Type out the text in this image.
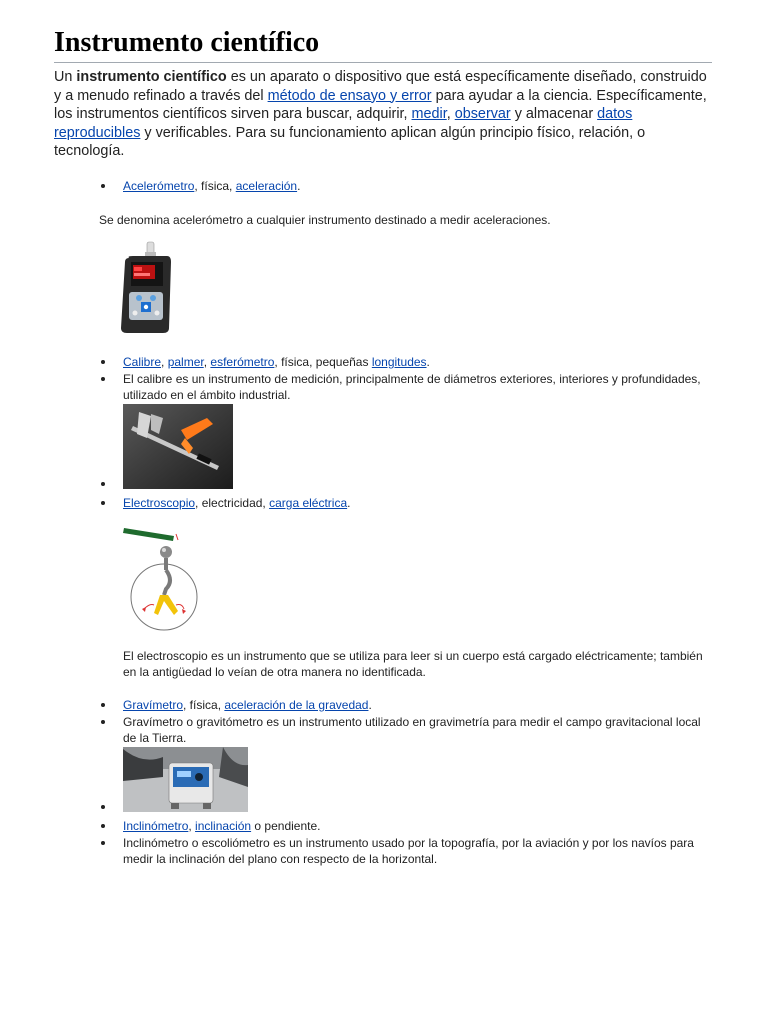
Instrumento científico

Un instrumento científico es un aparato o dispositivo que está específicamente diseñado, construido y a menudo refinado a través del método de ensayo y error para ayudar a la ciencia. Específicamente, los instrumentos científicos sirven para buscar, adquirir, medir, observar y almacenar datos reproducibles y verificables. Para su funcionamiento aplican algún principio físico, relación, o tecnología.

Acelerómetro, física, aceleración.

Se denomina acelerómetro a cualquier instrumento destinado a medir aceleraciones.

Calibre, palmer, esferómetro, física, pequeñas longitudes.
El calibre es un instrumento de medición, principalmente de diámetros exteriores, interiores y profundidades, utilizado en el ámbito industrial.
Electroscopio, electricidad, carga eléctrica.

El electroscopio es un instrumento que se utiliza para leer si un cuerpo está cargado eléctricamente; también en la antigüedad lo veían de otra manera no identificada.

Gravímetro, física, aceleración de la gravedad.
Gravímetro o gravitómetro es un instrumento utilizado en gravimetría para medir el campo gravitacional local de la Tierra.
Inclinómetro, inclinación o pendiente.
Inclinómetro o escoliómetro es un instrumento usado por la topografía, por la aviación y por los navíos para medir la inclinación del plano con respecto de la horizontal.
